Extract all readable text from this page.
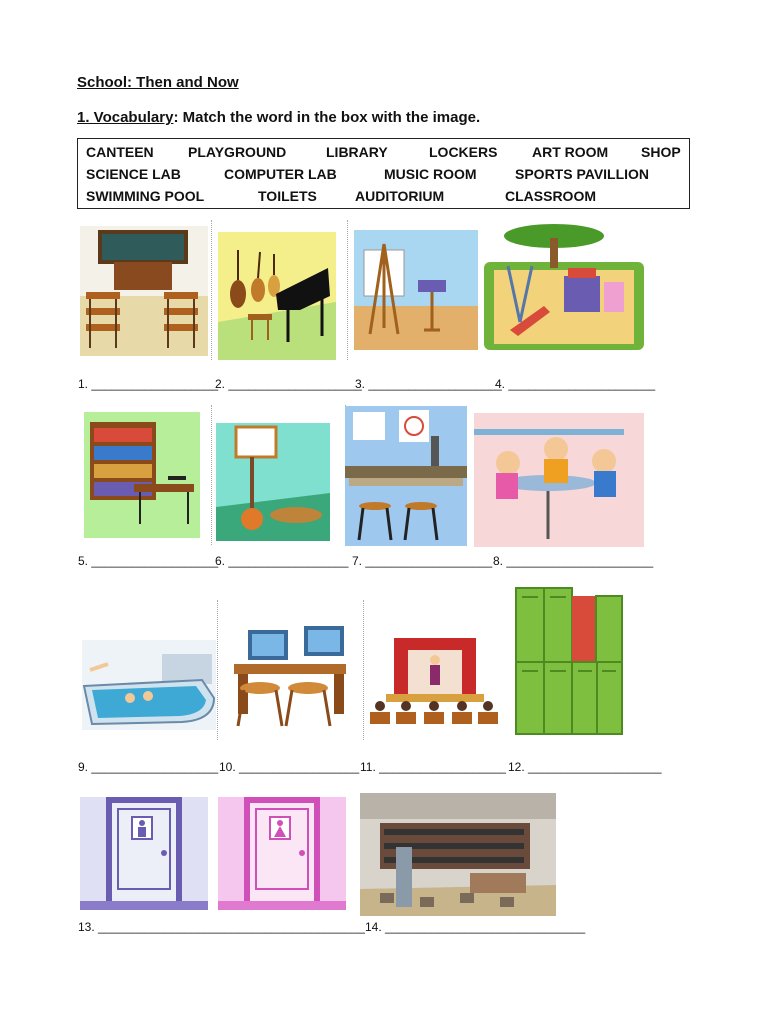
School: Then and Now
1. Vocabulary: Match the word in the box with the image.
CANTEEN PLAYGROUND	LIBRARY	LOCKERS ART ROOM SHOP
SCIENCE LAB	COMPUTER LAB	MUSIC ROOM	SPORTS PAVILLION
SWIMMING POOL	TOILETS	AUDITORIUM	CLASSROOM
1. ___________________
2. ____________________
3. ____________________
4. ______________________
5. ___________________
6. __________________ 7. ___________________ 8. ______________________
9. ___________________ 10. __________________ 11. ___________________ 12. ____________________
13. ________________________________________ 14. ______________________________
